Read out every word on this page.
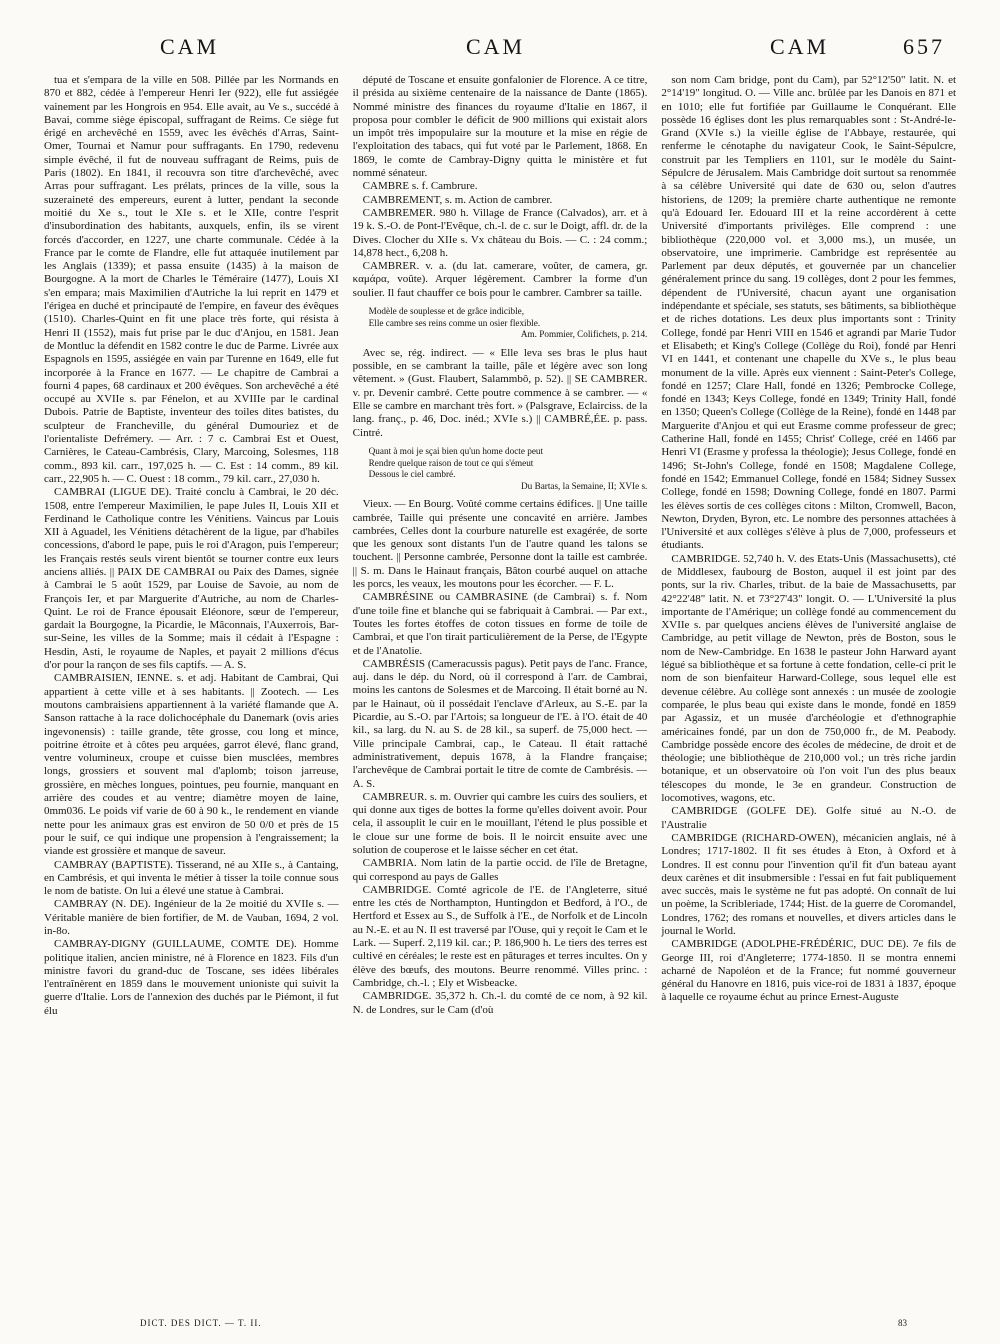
CAM	CAM	CAM	657

tua et s'empara de la ville en 508. Pillée par les Normands en 870 et 882, cédée à l'empereur Henri Ier (922), elle fut assiégée vainement par les Hongrois en 954. Elle avait, au Ve s., succédé à Bavai, comme siège épiscopal, suffragant de Reims. Ce siège fut érigé en archevêché en 1559, avec les évêchés d'Arras, Saint-Omer, Tournai et Namur pour suffragants. En 1790, redevenu simple évêché, il fut de nouveau suffragant de Reims, puis de Paris (1802). En 1841, il recouvra son titre d'archevêché, avec Arras pour suffragant. Les prélats, princes de la ville, sous la suzeraineté des empereurs, eurent à lutter, pendant la seconde moitié du Xe s., tout le XIe s. et le XIIe, contre l'esprit d'insubordination des habitants, auxquels, enfin, ils se virent forcés d'accorder, en 1227, une charte communale. Cédée à la France par le comte de Flandre, elle fut attaquée inutilement par les Anglais (1339); et passa ensuite (1435) à la maison de Bourgogne. A la mort de Charles le Téméraire (1477), Louis XI s'en empara; mais Maximilien d'Autriche la lui reprit en 1479 et l'érigea en duché et principauté de l'empire, en faveur des évêques (1510). Charles-Quint en fit une place très forte, qui résista à Henri II (1552), mais fut prise par le duc d'Anjou, en 1581. Jean de Montluc la défendit en 1582 contre le duc de Parme. Livrée aux Espagnols en 1595, assiégée en vain par Turenne en 1649, elle fut incorporée à la France en 1677. — Le chapitre de Cambrai a fourni 4 papes, 68 cardinaux et 200 évêques. Son archevêché a été occupé au XVIIe s. par Fénelon, et au XVIIIe par le cardinal Dubois. Patrie de Baptiste, inventeur des toiles dites batistes, du sculpteur de Francheville, du général Dumouriez et de l'orientaliste Defrémery. — Arr. : 7 c. Cambrai Est et Ouest, Carnières, le Cateau-Cambrésis, Clary, Marcoing, Solesmes, 118 comm., 893 kil. carr., 197,025 h. — C. Est : 14 comm., 89 kil. carr., 22,905 h. — C. Ouest : 18 comm., 79 kil. carr., 27,030 h.

CAMBRAI (LIGUE DE). Traité conclu à Cambrai, le 20 déc. 1508, entre l'empereur Maximilien, le pape Jules II, Louis XII et Ferdinand le Catholique contre les Vénitiens. Vaincus par Louis XII à Aguadel, les Vénitiens détachèrent de la ligue, par d'habiles concessions, d'abord le pape, puis le roi d'Aragon, puis l'empereur; les Français restés seuls virent bientôt se tourner contre eux leurs anciens alliés. || PAIX DE CAMBRAI ou Paix des Dames, signée à Cambrai le 5 août 1529, par Louise de Savoie, au nom de François Ier, et par Marguerite d'Autriche, au nom de Charles-Quint. Le roi de France épousait Eléonore, sœur de l'empereur, gardait la Bourgogne, la Picardie, le Mâconnais, l'Auxerrois, Bar-sur-Seine, les villes de la Somme; mais il cédait à l'Espagne : Hesdin, Asti, le royaume de Naples, et payait 2 millions d'écus d'or pour la rançon de ses fils captifs. — A. S.

CAMBRAISIEN, IENNE. s. et adj. Habitant de Cambrai, Qui appartient à cette ville et à ses habitants. || Zootech. — Les moutons cambraisiens appartiennent à la variété flamande que A. Sanson rattache à la race dolichocéphale du Danemark (ovis aries ingevonensis) : taille grande, tête grosse, cou long et mince, poitrine étroite et à côtes peu arquées, garrot élevé, flanc grand, ventre volumineux, croupe et cuisse bien musclées, membres longs, grossiers et souvent mal d'aplomb; toison jarreuse, grossière, en mèches longues, pointues, peu fournie, manquant en arrière des coudes et au ventre; diamètre moyen de laine, 0mm036. Le poids vif varie de 60 à 90 k., le rendement en viande nette pour les animaux gras est environ de 50 0/0 et près de 15 pour le suif, ce qui indique une propension à l'engraissement; la viande est grossière et manque de saveur.

CAMBRAY (BAPTISTE). Tisserand, né au XIIe s., à Cantaing, en Cambrésis, et qui inventa le métier à tisser la toile connue sous le nom de batiste. On lui a élevé une statue à Cambrai.

CAMBRAY (N. DE). Ingénieur de la 2e moitié du XVIIe s. — Véritable manière de bien fortifier, de M. de Vauban, 1694, 2 vol. in-8o.

CAMBRAY-DIGNY (GUILLAUME, COMTE DE). Homme politique italien, ancien ministre, né à Florence en 1823. Fils d'un ministre favori du grand-duc de Toscane, ses idées libérales l'entraînèrent en 1859 dans le mouvement unioniste qui suivit la guerre d'Italie. Lors de l'annexion des duchés par le Piémont, il fut élu

député de Toscane et ensuite gonfalonier de Florence. A ce titre, il présida au sixième centenaire de la naissance de Dante (1865). Nommé ministre des finances du royaume d'Italie en 1867, il proposa pour combler le déficit de 900 millions qui existait alors un impôt très impopulaire sur la mouture et la mise en régie de l'exploitation des tabacs, qui fut voté par le Parlement, 1868. En 1869, le comte de Cambray-Digny quitta le ministère et fut nommé sénateur.

CAMBRE s. f. Cambrure.

CAMBREMENT, s. m. Action de cambrer.

CAMBREMER. 980 h. Village de France (Calvados), arr. et à 19 k. S.-O. de Pont-l'Evêque, ch.-l. de c. sur le Doigt, affl. dr. de la Dives. Clocher du XIIe s. Vx château du Bois. — C. : 24 comm.; 14,878 hect., 6,208 h.

CAMBRER. v. a. (du lat. camerare, voûter, de camera, gr. καμάρα, voûte). Arquer légèrement. Cambrer la forme d'un soulier. Il faut chauffer ce bois pour le cambrer. Cambrer sa taille.

Modèle de souplesse et de grâce indicible,

Elle cambre ses reins comme un osier flexible.

Am. Pommier, Colifichets, p. 214.

Avec se, rég. indirect. — « Elle leva ses bras le plus haut possible, en se cambrant la taille, pâle et légère avec son long vêtement. » (Gust. Flaubert, Salammbô, p. 52). || SE CAMBRER. v. pr. Devenir cambré. Cette poutre commence à se cambrer. — « Elle se cambre en marchant très fort. » (Palsgrave, Eclairciss. de la lang. franç., p. 46, Doc. inéd.; XVIe s.) || CAMBRÉ,ÉE. p. pass. Cintré.

Quant à moi je sçai bien qu'un home docte peut

Rendre quelque raison de tout ce qui s'émeut

Dessous le ciel cambré.

Du Bartas, la Semaine, II; XVIe s.

Vieux. — En Bourg. Voûté comme certains édifices. || Une taille cambrée, Taille qui présente une concavité en arrière. Jambes cambrées, Celles dont la courbure naturelle est exagérée, de sorte que les genoux sont distants l'un de l'autre quand les talons se touchent. || Personne cambrée, Personne dont la taille est cambrée. || S. m. Dans le Hainaut français, Bâton courbé auquel on attache les porcs, les veaux, les moutons pour les écorcher. — F. L.

CAMBRÉSINE ou CAMBRASINE (de Cambrai) s. f. Nom d'une toile fine et blanche qui se fabriquait à Cambrai. — Par ext., Toutes les fortes étoffes de coton tissues en forme de toile de Cambrai, et que l'on tirait particulièrement de la Perse, de l'Egypte et de l'Anatolie.

CAMBRÉSIS (Cameracussis pagus). Petit pays de l'anc. France, auj. dans le dép. du Nord, où il correspond à l'arr. de Cambrai, moins les cantons de Solesmes et de Marcoing. Il était borné au N. par le Hainaut, où il possédait l'enclave d'Arleux, au S.-E. par la Picardie, au S.-O. par l'Artois; sa longueur de l'E. à l'O. était de 40 kil., sa larg. du N. au S. de 28 kil., sa superf. de 75,000 hect. — Ville principale Cambrai, cap., le Cateau. Il était rattaché administrativement, depuis 1678, à la Flandre française; l'archevêque de Cambrai portait le titre de comte de Cambrésis. — A. S.

CAMBREUR. s. m. Ouvrier qui cambre les cuirs des souliers, et qui donne aux tiges de bottes la forme qu'elles doivent avoir. Pour cela, il assouplit le cuir en le mouillant, l'étend le plus possible et le cloue sur une forme de bois. Il le noircit ensuite avec une solution de couperose et le laisse sécher en cet état.

CAMBRIA. Nom latin de la partie occid. de l'île de Bretagne, qui correspond au pays de Galles

CAMBRIDGE. Comté agricole de l'E. de l'Angleterre, situé entre les ctés de Northampton, Huntingdon et Bedford, à l'O., de Hertford et Essex au S., de Suffolk à l'E., de Norfolk et de Lincoln au N.-E. et au N. Il est traversé par l'Ouse, qui y reçoit le Cam et le Lark. — Superf. 2,119 kil. car.; P. 186,900 h. Le tiers des terres est cultivé en céréales; le reste est en pâturages et terres incultes. On y élève des bœufs, des moutons. Beurre renommé. Villes princ. : Cambridge, ch.-l. ; Ely et Wisbeacke.

CAMBRIDGE. 35,372 h. Ch.-l. du comté de ce nom, à 92 kil. N. de Londres, sur le Cam (d'où

son nom Cam bridge, pont du Cam), par 52°12'50" latit. N. et 2°14'19" longitud. O. — Ville anc. brûlée par les Danois en 871 et en 1010; elle fut fortifiée par Guillaume le Conquérant. Elle possède 16 églises dont les plus remarquables sont : St-André-le-Grand (XVIe s.) la vieille église de l'Abbaye, restaurée, qui renferme le cénotaphe du navigateur Cook, le Saint-Sépulcre, construit par les Templiers en 1101, sur le modèle du Saint-Sépulcre de Jérusalem. Mais Cambridge doit surtout sa renommée à sa célèbre Université qui date de 630 ou, selon d'autres historiens, de 1209; la première charte authentique ne remonte qu'à Edouard Ier. Edouard III et la reine accordèrent à cette Université d'importants privilèges. Elle comprend : une bibliothèque (220,000 vol. et 3,000 ms.), un musée, un observatoire, une imprimerie. Cambridge est représentée au Parlement par deux députés, et gouvernée par un chancelier généralement prince du sang. 19 collèges, dont 2 pour les femmes, dépendent de l'Université, chacun ayant une organisation indépendante et spéciale, ses statuts, ses bâtiments, sa bibliothèque et de riches dotations. Les deux plus importants sont : Trinity College, fondé par Henri VIII en 1546 et agrandi par Marie Tudor et Elisabeth; et King's College (Collège du Roi), fondé par Henri VI en 1441, et contenant une chapelle du XVe s., le plus beau monument de la ville. Après eux viennent : Saint-Peter's College, fondé en 1257; Clare Hall, fondé en 1326; Pembrocke College, fondé en 1343; Keys College, fondé en 1349; Trinity Hall, fondé en 1350; Queen's College (Collège de la Reine), fondé en 1448 par Marguerite d'Anjou et qui eut Erasme comme professeur de grec; Catherine Hall, fondé en 1455; Christ' College, créé en 1466 par Henri VI (Erasme y professa la théologie); Jesus College, fondé en 1496; St-John's College, fondé en 1508; Magdalene College, fondé en 1542; Emmanuel College, fondé en 1584; Sidney Sussex College, fondé en 1598; Downing College, fondé en 1807. Parmi les élèves sortis de ces collèges citons : Milton, Cromwell, Bacon, Newton, Dryden, Byron, etc. Le nombre des personnes attachées à l'Université et aux collèges s'élève à plus de 7,000, professeurs et étudiants.

CAMBRIDGE. 52,740 h. V. des Etats-Unis (Massachusetts), cté de Middlesex, faubourg de Boston, auquel il est joint par des ponts, sur la riv. Charles, tribut. de la baie de Massachusetts, par 42°22'48" latit. N. et 73°27'43" longit. O. — L'Université la plus importante de l'Amérique; un collège fondé au commencement du XVIIe s. par quelques anciens élèves de l'université anglaise de Cambridge, au petit village de Newton, près de Boston, sous le nom de New-Cambridge. En 1638 le pasteur John Harward ayant légué sa bibliothèque et sa fortune à cette fondation, celle-ci prit le nom de son bienfaiteur Harward-College, sous lequel elle est devenue célèbre. Au collège sont annexés : un musée de zoologie comparée, le plus beau qui existe dans le monde, fondé en 1859 par Agassiz, et un musée d'archéologie et d'ethnographie américaines fondé, par un don de 750,000 fr., de M. Peabody. Cambridge possède encore des écoles de médecine, de droit et de théologie; une bibliothèque de 210,000 vol.; un très riche jardin botanique, et un observatoire où l'on voit l'un des plus beaux télescopes du monde, le 3e en grandeur. Construction de locomotives, wagons, etc.

CAMBRIDGE (GOLFE DE). Golfe situé au N.-O. de l'Australie

CAMBRIDGE (RICHARD-OWEN), mécanicien anglais, né à Londres; 1717-1802. Il fit ses études à Eton, à Oxford et à Londres. Il est connu pour l'invention qu'il fit d'un bateau ayant deux carènes et dit insubmersible : l'essai en fut fait publiquement avec succès, mais le système ne fut pas adopté. On connaît de lui un poème, la Scribleriade, 1744; Hist. de la guerre de Coromandel, Londres, 1762; des romans et nouvelles, et divers articles dans le journal le World.

CAMBRIDGE (ADOLPHE-FRÉDÉRIC, DUC DE). 7e fils de George III, roi d'Angleterre; 1774-1850. Il se montra ennemi acharné de Napoléon et de la France; fut nommé gouverneur général du Hanovre en 1816, puis vice-roi de 1831 à 1837, époque à laquelle ce royaume échut au prince Ernest-Auguste

DICT. DES DICT. — T. II.	83
